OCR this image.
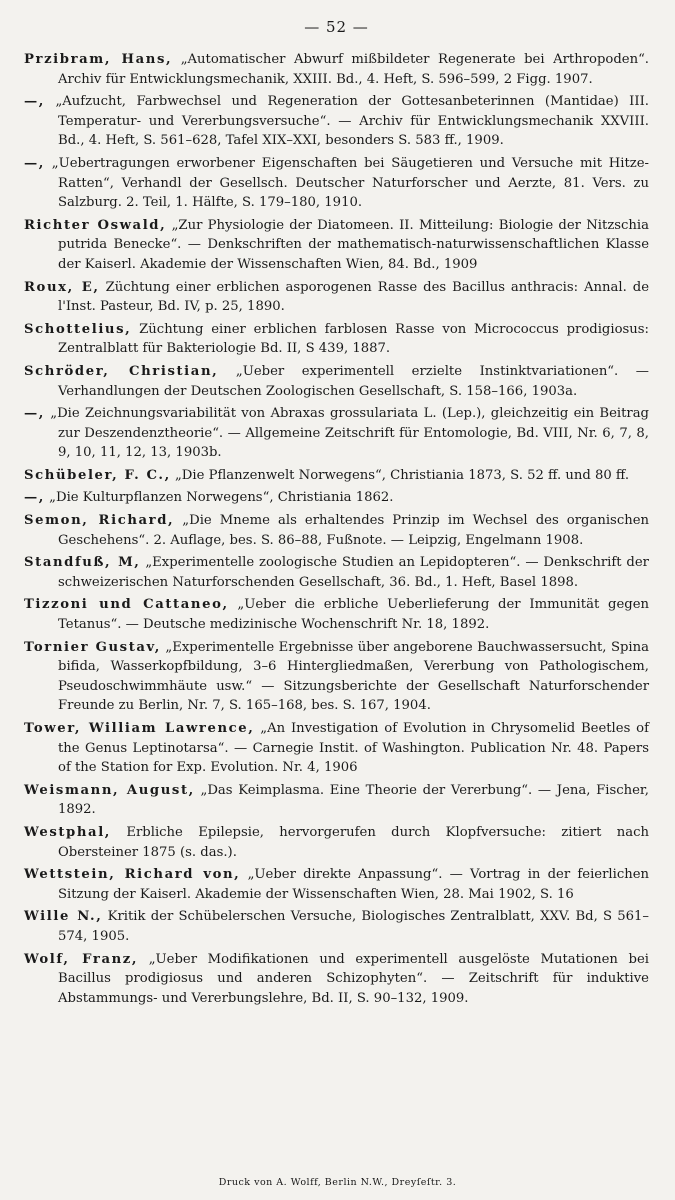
— 52 —

Przibram, Hans, „Automatischer Abwurf mißbildeter Regenerate bei Arthropoden“. Archiv für Entwicklungsmechanik, XXIII. Bd., 4. Heft, S. 596–599, 2 Figg. 1907.

—, „Aufzucht, Farbwechsel und Regeneration der Gottesanbeterinnen (Mantidae) III. Temperatur- und Vererbungsversuche“. — Archiv für Entwicklungsmechanik XXVIII. Bd., 4. Heft, S. 561–628, Tafel XIX–XXI, besonders S. 583 ff., 1909.

—, „Uebertragungen erworbener Eigenschaften bei Säugetieren und Versuche mit Hitze-Ratten“, Verhandl der Gesellsch. Deutscher Naturforscher und Aerzte, 81. Vers. zu Salzburg. 2. Teil, 1. Hälfte, S. 179–180, 1910.

Richter Oswald, „Zur Physiologie der Diatomeen. II. Mitteilung: Biologie der Nitzschia putrida Benecke“. — Denkschriften der mathematisch-naturwissenschaftlichen Klasse der Kaiserl. Akademie der Wissenschaften Wien, 84. Bd., 1909

Roux, E, Züchtung einer erblichen asporogenen Rasse des Bacillus anthracis: Annal. de l'Inst. Pasteur, Bd. IV, p. 25, 1890.

Schottelius, Züchtung einer erblichen farblosen Rasse von Micrococcus prodigiosus: Zentralblatt für Bakteriologie Bd. II, S 439, 1887.

Schröder, Christian, „Ueber experimentell erzielte Instinktvariationen“. — Verhandlungen der Deutschen Zoologischen Gesellschaft, S. 158–166, 1903a.

—, „Die Zeichnungsvariabilität von Abraxas grossulariata L. (Lep.), gleichzeitig ein Beitrag zur Deszendenztheorie“. — Allgemeine Zeitschrift für Entomologie, Bd. VIII, Nr. 6, 7, 8, 9, 10, 11, 12, 13, 1903b.

Schübeler, F. C., „Die Pflanzenwelt Norwegens“, Christiania 1873, S. 52 ff. und 80 ff.

—, „Die Kulturpflanzen Norwegens“, Christiania 1862.

Semon, Richard, „Die Mneme als erhaltendes Prinzip im Wechsel des organischen Geschehens“. 2. Auflage, bes. S. 86–88, Fußnote. — Leipzig, Engelmann 1908.

Standfuß, M, „Experimentelle zoologische Studien an Lepidopteren“. — Denkschrift der schweizerischen Naturforschenden Gesellschaft, 36. Bd., 1. Heft, Basel 1898.

Tizzoni und Cattaneo, „Ueber die erbliche Ueberlieferung der Immunität gegen Tetanus“. — Deutsche medizinische Wochenschrift Nr. 18, 1892.

Tornier Gustav, „Experimentelle Ergebnisse über angeborene Bauchwassersucht, Spina bifida, Wasserkopfbildung, 3–6 Hintergliedmaßen, Vererbung von Pathologischem, Pseudoschwimmhäute usw.“ — Sitzungsberichte der Gesellschaft Naturforschender Freunde zu Berlin, Nr. 7, S. 165–168, bes. S. 167, 1904.

Tower, William Lawrence, „An Investigation of Evolution in Chrysomelid Beetles of the Genus Leptinotarsa“. — Carnegie Instit. of Washington. Publication Nr. 48. Papers of the Station for Exp. Evolution. Nr. 4, 1906

Weismann, August, „Das Keimplasma. Eine Theorie der Vererbung“. — Jena, Fischer, 1892.

Westphal, Erbliche Epilepsie, hervorgerufen durch Klopfversuche: zitiert nach Obersteiner 1875 (s. das.).

Wettstein, Richard von, „Ueber direkte Anpassung“. — Vortrag in der feierlichen Sitzung der Kaiserl. Akademie der Wissenschaften Wien, 28. Mai 1902, S. 16

Wille N., Kritik der Schübelerschen Versuche, Biologisches Zentralblatt, XXV. Bd, S 561–574, 1905.

Wolf, Franz, „Ueber Modifikationen und experimentell ausgelöste Mutationen bei Bacillus prodigiosus und anderen Schizophyten“. — Zeitschrift für induktive Abstammungs- und Vererbungslehre, Bd. II, S. 90–132, 1909.

Druck von A. Wolff, Berlin N.W., Dreyſeſtr. 3.
